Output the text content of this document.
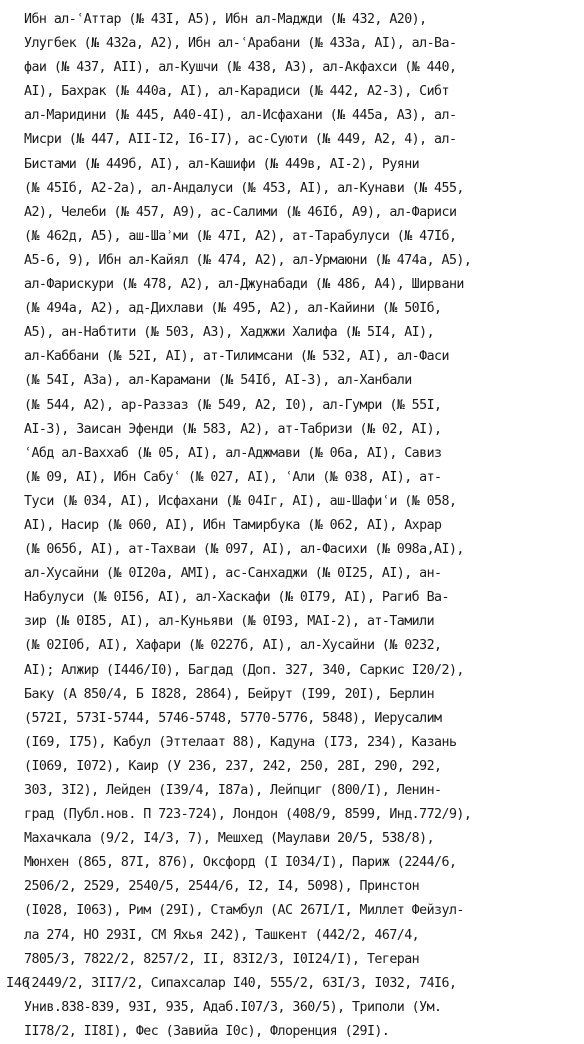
Ибн ал-ʿАттар (№ 43I, А5), Ибн ал-Маджди (№ 432, А20),
Улугбек (№ 432а, А2), Ибн ал-ʿАрабани (№ 433а, АI), ал-Ва-
фаи (№ 437, АII), ал-Кушчи (№ 438, А3), ал-Акфахси (№ 440,
АI), Бахрак (№ 440а, АI), ал-Карадиси (№ 442, А2-3), Сибт
ал-Маридини (№ 445, А40-4I), ал-Исфахани (№ 445а, А3), ал-
Мисри (№ 447, АII-I2, I6-I7), ас-Суюти (№ 449, А2, 4), ал-
Бистами (№ 449б, АI), ал-Кашифи (№ 449в, АI-2), Руяни
(№ 45Iб, А2-2а), ал-Андалуси (№ 453, АI), ал-Кунави (№ 455,
А2), Челеби (№ 457, А9), ас-Салими (№ 46Iб, А9), ал-Фариси
(№ 462д, А5), аш-Шаʾми (№ 47I, А2), ат-Тарабулуси (№ 47Iб,
А5-6, 9), Ибн ал-Кайял (№ 474, А2), ал-Урмаюни (№ 474а, А5),
ал-Фарискури (№ 478, А2), ал-Джунабади (№ 486, А4), Ширвани
(№ 494а, А2), ад-Дихлави (№ 495, А2), ал-Кайини (№ 50Iб,
А5), ан-Набтити (№ 503, А3), Хаджжи Халифа (№ 5I4, АI),
ал-Каббани (№ 52I, АI), ат-Тилимсани (№ 532, АI), ал-Фаси
(№ 54I, А3а), ал-Карамани (№ 54Iб, АI-3), ал-Ханбали
(№ 544, А2), ар-Раззаз (№ 549, А2, I0), ал-Гумри (№ 55I,
АI-3), Заисан Эфенди (№ 583, А2), ат-Табризи (№ 02, АI),
ʿАбд ал-Ваххаб (№ 05, АI), ал-Аджмави (№ 06а, АI), Савиз
(№ 09, АI), Ибн Сабуʿ (№ 027, АI), ʿАли (№ 038, АI), ат-
Туси (№ 034, АI), Исфахани (№ 04Iг, АI), аш-Шафиʿи (№ 058,
АI), Насир (№ 060, АI), Ибн Тамирбука (№ 062, АI), Ахрар
(№ 065б, АI), ат-Тахваи (№ 097, АI), ал-Фасихи (№ 098а,АI),
ал-Хусайни (№ 0I20а, АМI), ас-Санхаджи (№ 0I25, АI), ан-
Набулуси (№ 0I56, АI), ал-Хаскафи (№ 0I79, АI), Рагиб Ва-
зир (№ 0I85, АI), ал-Куньяви (№ 0I93, МАI-2), ат-Тамили
(№ 02I0б, АI), Хафари (№ 0227б, АI), ал-Хусайни (№ 0232,
АI); Алжир (I446/I0), Багдад (Доп. 327, 340, Саркис I20/2),
Баку (А 850/4, Б I828, 2864), Бейрут (I99, 20I), Берлин
(572I, 573I-5744, 5746-5748, 5770-5776, 5848), Иерусалим
(I69, I75), Кабул (Эттелаат 88), Кадуна (I73, 234), Казань
(I069, I072), Каир (У 236, 237, 242, 250, 28I, 290, 292,
303, 3I2), Лейден (I39/4, I87а), Лейпциг (800/I), Ленин-
град (Публ.нов. П 723-724), Лондон (408/9, 8599, Инд.772/9),
Махачкала (9/2, I4/3, 7), Мешхед (Маулави 20/5, 538/8),
Мюнхен (865, 87I, 876), Оксфорд (I I034/I), Париж (2244/6,
2506/2, 2529, 2540/5, 2544/6, I2, I4, 5098), Принстон
(I028, I063), Рим (29I), Стамбул (АС 267I/I, Миллет Фейзул-
ла 274, НО 293I, СМ Яхья 242), Ташкент (442/2, 467/4,
7805/3, 7822/2, 8257/2, II, 83I2/3, I0I24/I), Тегеран
(2449/2, 3II7/2, Сипахсалар I40, 555/2, 63I/3, I032, 74I6,
Унив.838-839, 93I, 935, Адаб.I07/3, 360/5), Триполи (Ум.
II78/2, II8I), Фес (Завийа I0с), Флоренция (29I).
I46
